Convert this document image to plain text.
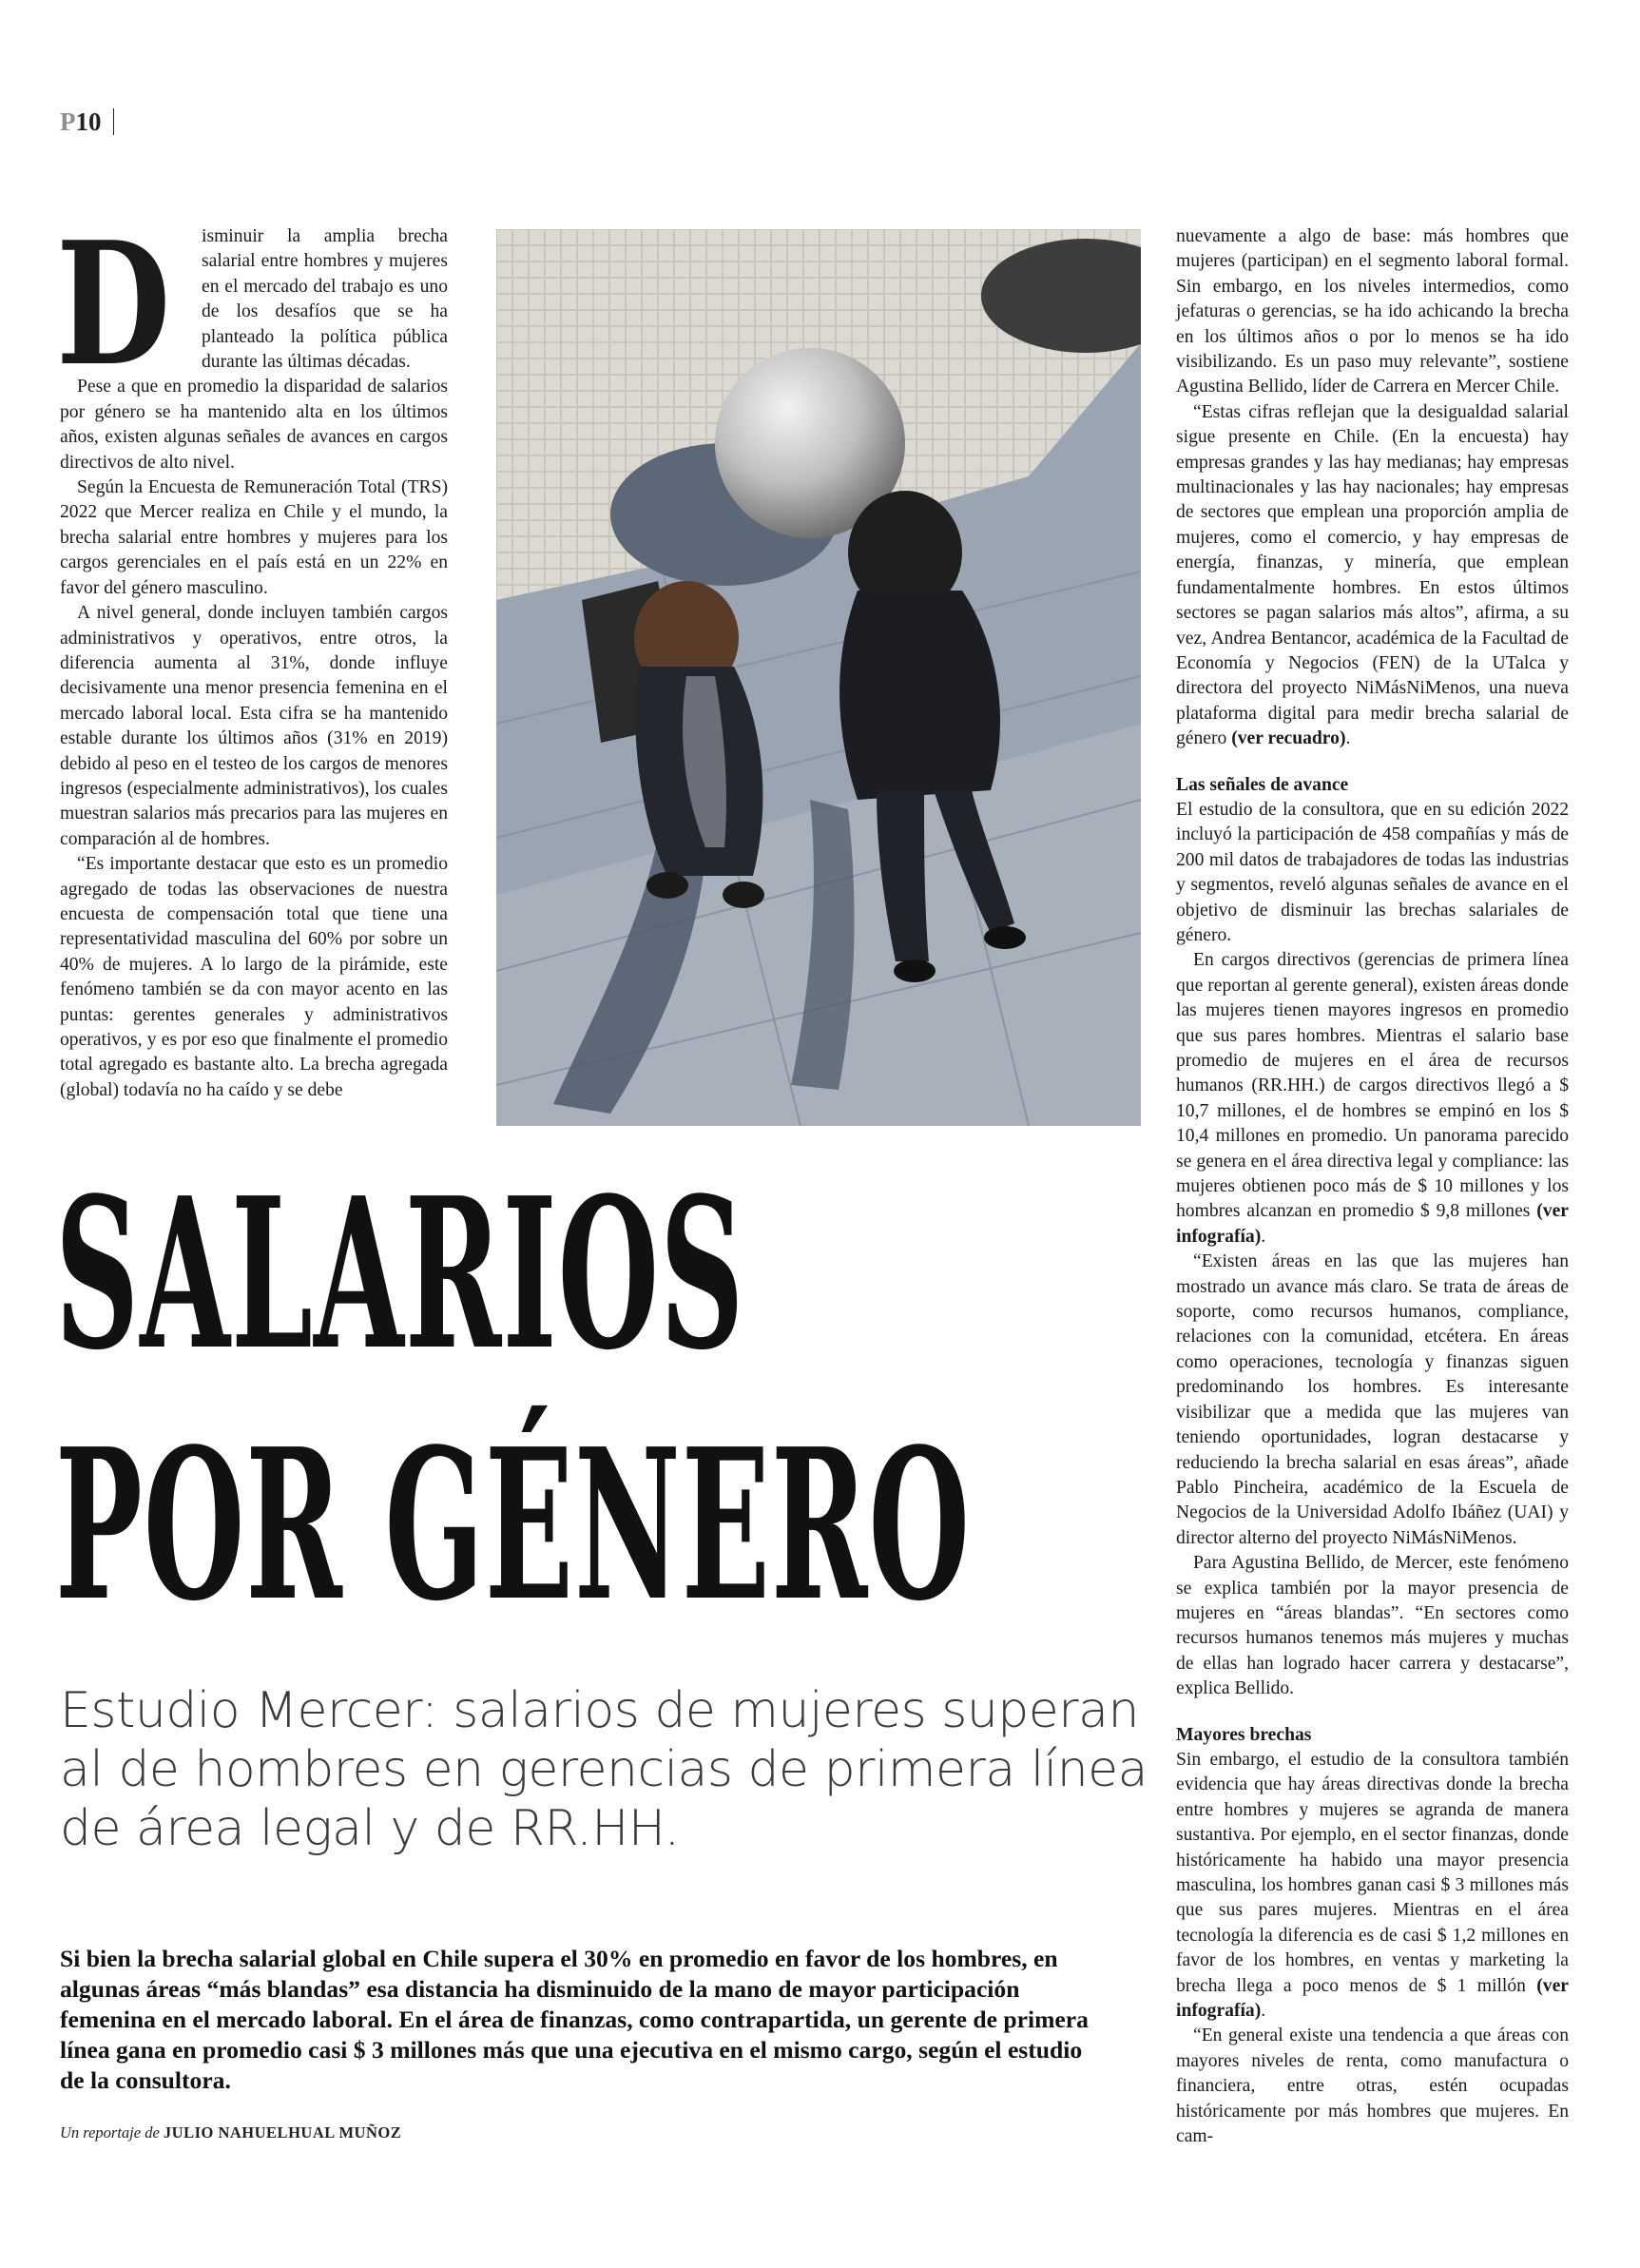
P10
D	isminuir la amplia brecha salarial entre hombres y mujeres en el mercado del trabajo es uno de los desafíos que se ha planteado la política pública durante las últimas décadas.

Pese a que en promedio la disparidad de salarios por género se ha mantenido alta en los últimos años, existen algunas señales de avances en cargos directivos de alto nivel.

Según la Encuesta de Remuneración Total (TRS) 2022 que Mercer realiza en Chile y el mundo, la brecha salarial entre hombres y mujeres para los cargos gerenciales en el país está en un 22% en favor del género masculino.

A nivel general, donde incluyen también cargos administrativos y operativos, entre otros, la diferencia aumenta al 31%, donde influye decisivamente una menor presencia femenina en el mercado laboral local. Esta cifra se ha mantenido estable durante los últimos años (31% en 2019) debido al peso en el testeo de los cargos de menores ingresos (especialmente administrativos), los cuales muestran salarios más precarios para las mujeres en comparación al de hombres.

“Es importante destacar que esto es un promedio agregado de todas las observaciones de nuestra encuesta de compensación total que tiene una representatividad masculina del 60% por sobre un 40% de mujeres. A lo largo de la pirámide, este fenómeno también se da con mayor acento en las puntas: gerentes generales y administrativos operativos, y es por eso que finalmente el promedio total agregado es bastante alto. La brecha agregada (global) todavía no ha caído y se debe

nuevamente a algo de base: más hombres que mujeres (participan) en el segmento laboral formal. Sin embargo, en los niveles intermedios, como jefaturas o gerencias, se ha ido achicando la brecha en los últimos años o por lo menos se ha ido visibilizando. Es un paso muy relevante”, sostiene Agustina Bellido, líder de Carrera en Mercer Chile.

“Estas cifras reflejan que la desigualdad salarial sigue presente en Chile. (En la encuesta) hay empresas grandes y las hay medianas; hay empresas multinacionales y las hay nacionales; hay empresas de sectores que emplean una proporción amplia de mujeres, como el comercio, y hay empresas de energía, finanzas, y minería, que emplean fundamentalmente hombres. En estos últimos sectores se pagan salarios más altos”, afirma, a su vez, Andrea Bentancor, académica de la Facultad de Economía y Negocios (FEN) de la UTalca y directora del proyecto NiMásNiMenos, una nueva plataforma digital para medir brecha salarial de género (ver recuadro).

Las señales de avance

El estudio de la consultora, que en su edición 2022 incluyó la participación de 458 compañías y más de 200 mil datos de trabajadores de todas las industrias y segmentos, reveló algunas señales de avance en el objetivo de disminuir las brechas salariales de género.

En cargos directivos (gerencias de primera línea que reportan al gerente general), existen áreas donde las mujeres tienen mayores ingresos en promedio que sus pares hombres. Mientras el salario base promedio de mujeres en el área de recursos humanos (RR.HH.) de cargos directivos llegó a $ 10,7 millones, el de hombres se empinó en los $ 10,4 millones en promedio. Un panorama parecido se genera en el área directiva legal y compliance: las mujeres obtienen poco más de $ 10 millones y los hombres alcanzan en promedio $ 9,8 millones (ver infografía).

“Existen áreas en las que las mujeres han mostrado un avance más claro. Se trata de áreas de soporte, como recursos humanos, compliance, relaciones con la comunidad, etcétera. En áreas como operaciones, tecnología y finanzas siguen predominando los hombres. Es interesante visibilizar que a medida que las mujeres van teniendo oportunidades, logran destacarse y reduciendo la brecha salarial en esas áreas”, añade Pablo Pincheira, académico de la Escuela de Negocios de la Universidad Adolfo Ibáñez (UAI) y director alterno del proyecto NiMásNiMenos.

Para Agustina Bellido, de Mercer, este fenómeno se explica también por la mayor presencia de mujeres en “áreas blandas”. “En sectores como recursos humanos tenemos más mujeres y muchas de ellas han logrado hacer carrera y destacarse”, explica Bellido.

Mayores brechas

Sin embargo, el estudio de la consultora también evidencia que hay áreas directivas donde la brecha entre hombres y mujeres se agranda de manera sustantiva. Por ejemplo, en el sector finanzas, donde históricamente ha habido una mayor presencia masculina, los hombres ganan casi $ 3 millones más que sus pares mujeres. Mientras en el área tecnología la diferencia es de casi $ 1,2 millones en favor de los hombres, en ventas y marketing la brecha llega a poco menos de $ 1 millón (ver infografía).

“En general existe una tendencia a que áreas con mayores niveles de renta, como manufactura o financiera, entre otras, estén ocupadas históricamente por más hombres que mujeres. En cam-

SALARIOS
POR GÉNERO
Estudio Mercer: salarios de mujeres superan al de hombres en gerencias de primera línea de área legal y de RR.HH.
Si bien la brecha salarial global en Chile supera el 30% en promedio en favor de los hombres, en algunas áreas “más blandas” esa distancia ha disminuido de la mano de mayor participación femenina en el mercado laboral. En el área de finanzas, como contrapartida, un gerente de primera línea gana en promedio casi $ 3 millones más que una ejecutiva en el mismo cargo, según el estudio de la consultora.
Un reportaje de JULIO NAHUELHUAL MUÑOZ
